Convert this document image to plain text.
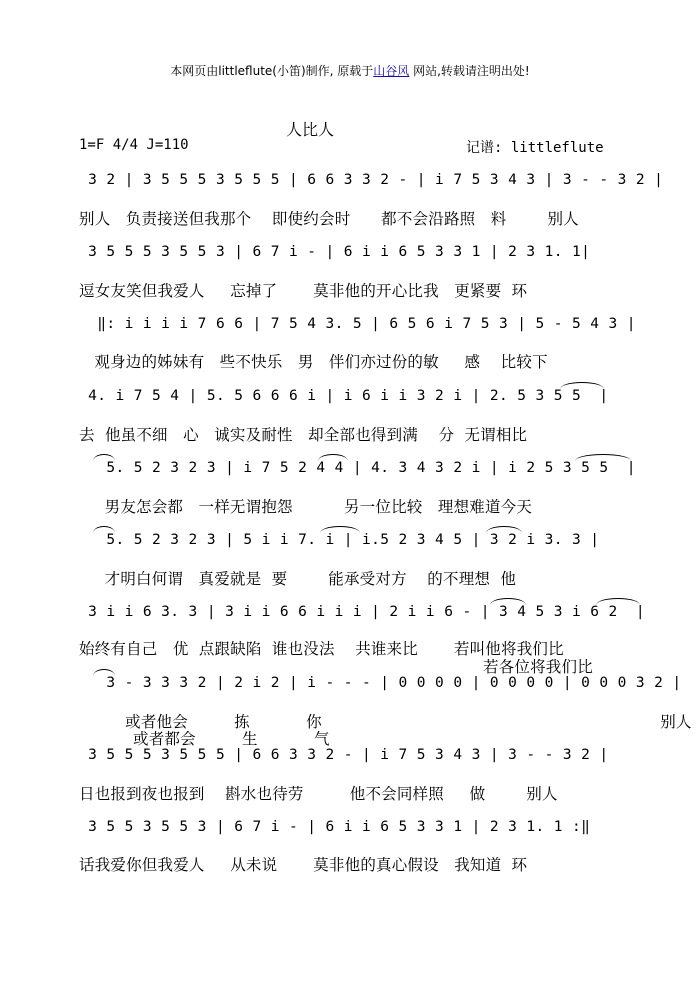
本网页由littleflute(小笛)制作, 原载于山谷风 网站,转载请注明出处!
人比人
1=F 4/4 J=110	记谱: littleflute
3 2 | 3 5 5 5 3 5 5 5 | 6 6 3 3 2 - | i 7 5 3 4 3 | 3 - - 3 2 |
别人   负责接送但我那个    即使约会时      都不会沿路照   料        别人
3 5 5 5 3 5 5 3 | 6 7 i - | 6 i i 6 5 3 3 1 | 2 3 1. 1|
逗女友笑但我爱人     忘掉了       莫非他的开心比我   更紧要  环
‖: i i i i 7 6 6 | 7 5 4 3. 5 | 6 5 6 i 7 5 3 | 5 - 5 4 3 |
观身边的姊妹有   些不快乐   男   伴们亦过份的敏     感    比较下
4. i 7 5 4 | 5. 5 6 6 6 i | i 6 i i 3 2 i | 2. 5 3 5 5  |
去  他虽不细   心   诚实及耐性   却全部也得到满    分  无谓相比
5. 5 2 3 2 3 | i 7 5 2 4 4 | 4. 3 4 3 2 i | i 2 5 3 5 5  |
男友怎会都   一样无谓抱怨          另一位比较   理想难道今天
5. 5 2 3 2 3 | 5 i i 7. i | i.5 2 3 4 5 | 3 2 i 3. 3 |
才明白何谓   真爱就是  要        能承受对方    的不理想  他
3 i i 6 3. 3 | 3 i i 6 6 i i i | 2 i i 6 - | 3 4 5 3 i 6 2  |
始终有自己   优  点跟缺陷  谁也没法    共谁来比       若叫他将我们比
若各位将我们比
3 - 3 3 3 2 | 2 i 2 | i - - - | 0 0 0 0 | 0 0 0 0 | 0 0 0 3 2 |
或者他会         拣           你                                                                  别人
或者都会         生           气
3 5 5 5 3 5 5 5 | 6 6 3 3 2 - | i 7 5 3 4 3 | 3 - - 3 2 |
日也报到夜也报到    斟水也待劳         他不会同样照     做        别人
3 5 5 3 5 5 3 | 6 7 i - | 6 i i 6 5 3 3 1 | 2 3 1. 1 :‖
话我爱你但我爱人     从未说       莫非他的真心假设   我知道  环
